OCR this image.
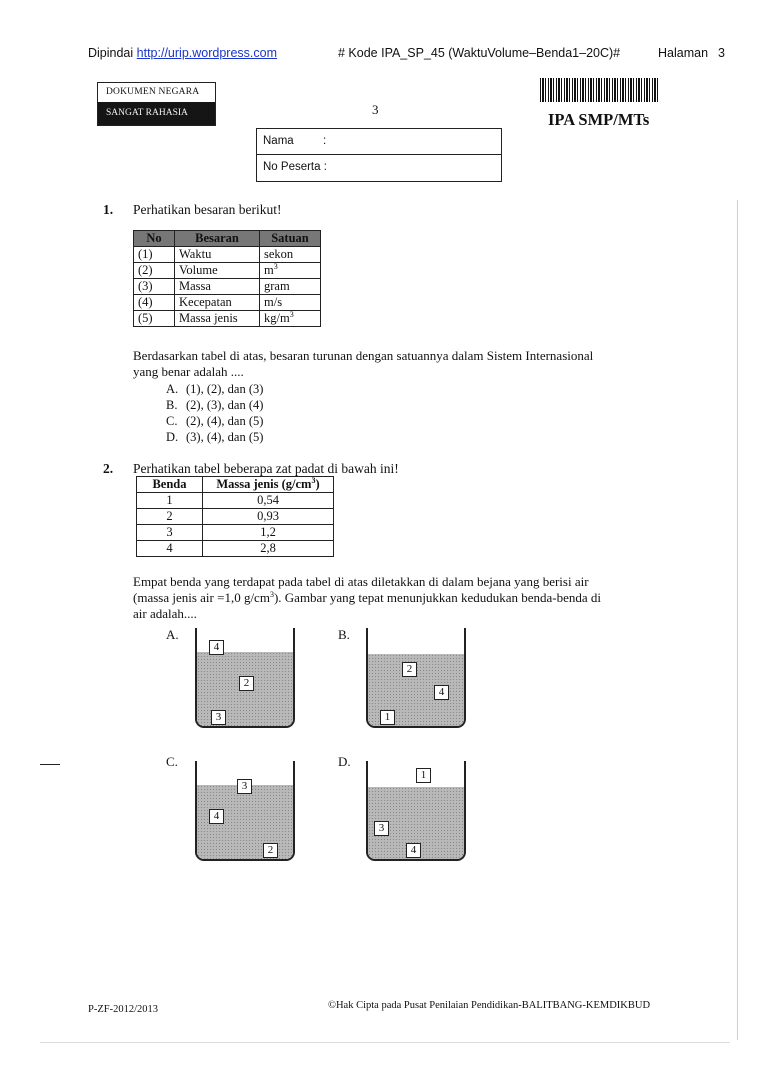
Dipindai http://urip.wordpress.com	# Kode IPA_SP_45 (WaktuVolume–Benda1–20C)#	Halaman 3
DOKUMEN NEGARA
SANGAT RAHASIA	3
IPA SMP/MTs
Nama	:
No Peserta :
1. Perhatikan besaran berikut!
No	Besaran	Satuan
(1)	Waktu	sekon
(2)	Volume	$m^3$
(3)	Massa	gram
(4)	Kecepatan	m/s
(5)	Massa jenis	$kg/m^3$
Berdasarkan tabel di atas, besaran turunan dengan satuannya dalam Sistem Internasional
yang benar adalah ....
A. (1), (2), dan (3)
B. (2), (3), dan (4)
C. (2), (4), dan (5)
D. (3), (4), dan (5)
2. Perhatikan tabel beberapa zat padat di bawah ini!
Benda	Massa jenis $(g/cm^3)$
1	0,54
2	0,93
3	1,2
4	2,8
Empat benda yang terdapat pada tabel di atas diletakkan di dalam bejana yang berisi air
(massa jenis air =1,0 $g/cm^3$). Gambar yang tepat menunjukkan kedudukan benda-benda di
air adalah....
A.	B.
C.	D.
4
2
3
2
4
1
3
4
2
1
3
4
P-ZF-2012/2013	©Hak Cipta pada Pusat Penilaian Pendidikan-BALITBANG-KEMDIKBUD
